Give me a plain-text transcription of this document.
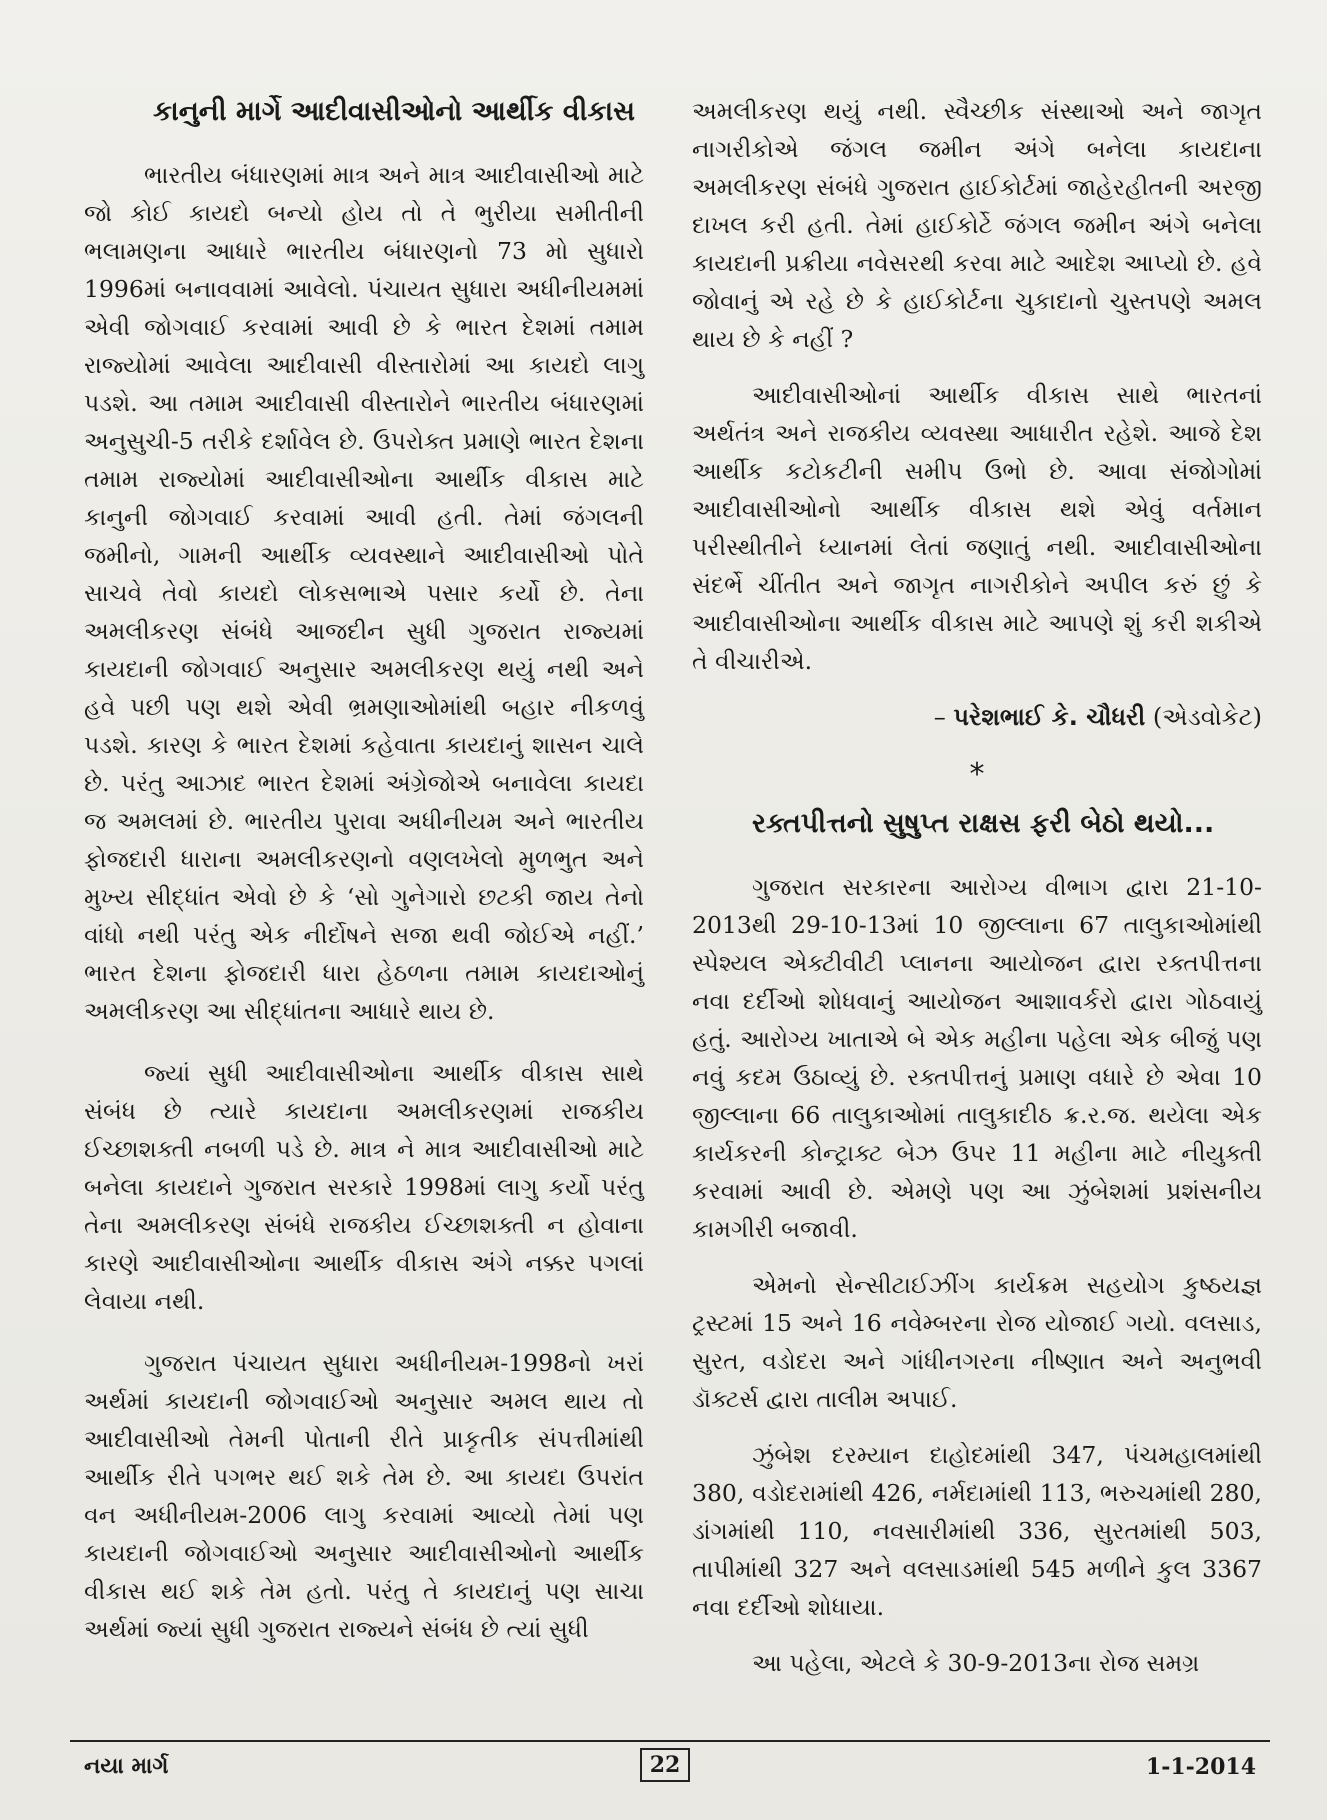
કાનુની માર્ગે આદીવાસીઓનો આર્થીક વીકાસ

ભારતીય બંધારણમાં માત્ર અને માત્ર આદીવાસીઓ માટે જો કોઈ કાયદો બન્યો હોય તો તે ભુરીયા સમીતીની ભલામણના આધારે ભારતીય બંધારણનો 73 મો સુધારો 1996માં બનાવવામાં આવેલો. પંચાયત સુધારા અધીનીયમમાં એવી જોગવાઈ કરવામાં આવી છે કે ભારત દેશમાં તમામ રાજ્યોમાં આવેલા આદીવાસી વીસ્તારોમાં આ કાયદો લાગુ પડશે. આ તમામ આદીવાસી વીસ્તારોને ભારતીય બંધારણમાં અનુસુચી-5 તરીકે દર્શાવેલ છે. ઉપરોક્ત પ્રમાણે ભારત દેશના તમામ રાજ્યોમાં આદીવાસીઓના આર્થીક વીકાસ માટે કાનુની જોગવાઈ કરવામાં આવી હતી. તેમાં જંગલની જમીનો, ગામની આર્થીક વ્યવસ્થાને આદીવાસીઓ પોતે સાચવે તેવો કાયદો લોકસભાએ પસાર કર્યો છે. તેના અમલીકરણ સંબંધે આજદીન સુધી ગુજરાત રાજ્યમાં કાયદાની જોગવાઈ અનુસાર અમલીકરણ થયું નથી અને હવે પછી પણ થશે એવી ભ્રમણાઓમાંથી બહાર નીકળવું પડશે. કારણ કે ભારત દેશમાં કહેવાતા કાયદાનું શાસન ચાલે છે. પરંતુ આઝાદ ભારત દેશમાં અંગ્રેજોએ બનાવેલા કાયદા જ અમલમાં છે. ભારતીય પુરાવા અધીનીયમ અને ભારતીય ફોજદારી ધારાના અમલીકરણનો વણલખેલો મુળભુત અને મુખ્ય સીદ્ધાંત એવો છે કે ‘સો ગુનેગારો છટકી જાય તેનો વાંધો નથી પરંતુ એક નીર્દોષને સજા થવી જોઈએ નહીં.’ ભારત દેશના ફોજદારી ધારા હેઠળના તમામ કાયદાઓનું અમલીકરણ આ સીદ્ધાંતના આધારે થાય છે.

જ્યાં સુધી આદીવાસીઓના આર્થીક વીકાસ સાથે સંબંધ છે ત્યારે કાયદાના અમલીકરણમાં રાજકીય ઈચ્છાશક્તી નબળી પડે છે. માત્ર ને માત્ર આદીવાસીઓ માટે બનેલા કાયદાને ગુજરાત સરકારે 1998માં લાગુ કર્યો પરંતુ તેના અમલીકરણ સંબંધે રાજકીય ઈચ્છાશક્તી ન હોવાના કારણે આદીવાસીઓના આર્થીક વીકાસ અંગે નક્કર પગલાં લેવાયા નથી.

ગુજરાત પંચાયત સુધારા અધીનીયમ-1998નો ખરાં અર્થમાં કાયદાની જોગવાઈઓ અનુસાર અમલ થાય તો આદીવાસીઓ તેમની પોતાની રીતે પ્રાકૃતીક સંપત્તીમાંથી આર્થીક રીતે પગભર થઈ શકે તેમ છે. આ કાયદા ઉપરાંત વન અધીનીયમ-2006 લાગુ કરવામાં આવ્યો તેમાં પણ કાયદાની જોગવાઈઓ અનુસાર આદીવાસીઓનો આર્થીક વીકાસ થઈ શકે તેમ હતો. પરંતુ તે કાયદાનું પણ સાચા અર્થમાં જ્યાં સુધી ગુજરાત રાજ્યને સંબંધ છે ત્યાં સુધી

અમલીકરણ થયું નથી. સ્વૈચ્છીક સંસ્થાઓ અને જાગૃત નાગરીકોએ જંગલ જમીન અંગે બનેલા કાયદાના અમલીકરણ સંબંધે ગુજરાત હાઈકોર્ટમાં જાહેરહીતની અરજી દાખલ કરી હતી. તેમાં હાઈકોર્ટે જંગલ જમીન અંગે બનેલા કાયદાની પ્રક્રીયા નવેસરથી કરવા માટે આદેશ આપ્યો છે. હવે જોવાનું એ રહે છે કે હાઈકોર્ટના ચુકાદાનો ચુસ્તપણે અમલ થાય છે કે નહીં ?

આદીવાસીઓનાં આર્થીક વીકાસ સાથે ભારતનાં અર્થતંત્ર અને રાજકીય વ્યવસ્થા આધારીત રહેશે. આજે દેશ આર્થીક કટોકટીની સમીપ ઉભો છે. આવા સંજોગોમાં આદીવાસીઓનો આર્થીક વીકાસ થશે એવું વર્તમાન પરીસ્થીતીને ધ્યાનમાં લેતાં જણાતું નથી. આદીવાસીઓના સંદર્ભે ચીંતીત અને જાગૃત નાગરીકોને અપીલ કરું છું કે આદીવાસીઓના આર્થીક વીકાસ માટે આપણે શું કરી શકીએ તે વીચારીએ.

– પરેશભાઈ કે. ચૌધરી (એડવોકેટ)

*

રક્તપીત્તનો સુષુપ્ત રાક્ષસ ફરી બેઠો થયો...

ગુજરાત સરકારના આરોગ્ય વીભાગ દ્વારા 21-10-2013થી 29-10-13માં 10 જીલ્લાના 67 તાલુકાઓમાંથી સ્પેશ્યલ એક્ટીવીટી પ્લાનના આયોજન દ્વારા રક્તપીત્તના નવા દર્દીઓ શોધવાનું આયોજન આશાવર્કરો દ્વારા ગોઠવાયું હતું. આરોગ્ય ખાતાએ બે એક મહીના પહેલા એક બીજું પણ નવું કદમ ઉઠાવ્યું છે. રક્તપીત્તનું પ્રમાણ વધારે છે એવા 10 જીલ્લાના 66 તાલુકાઓમાં તાલુકાદીઠ ક્ર.ર.જ. થયેલા એક કાર્યકરની કોન્ટ્રાક્ટ બેઝ ઉપર 11 મહીના માટે નીયુક્તી કરવામાં આવી છે. એમણે પણ આ ઝુંબેશમાં પ્રશંસનીય કામગીરી બજાવી.

એમનો સેન્સીટાઈઝીંગ કાર્યક્રમ સહયોગ કુષ્ઠયજ્ઞ ટ્રસ્ટમાં 15 અને 16 નવેમ્બરના રોજ યોજાઈ ગયો. વલસાડ, સુરત, વડોદરા અને ગાંધીનગરના નીષ્ણાત અને અનુભવી ડૉક્ટર્સ દ્વારા તાલીમ અપાઈ.

ઝુંબેશ દરમ્યાન દાહોદમાંથી 347, પંચમહાલમાંથી 380, વડોદરામાંથી 426, નર્મદામાંથી 113, ભરુચમાંથી 280, ડાંગમાંથી 110, નવસારીમાંથી 336, સુરતમાંથી 503, તાપીમાંથી 327 અને વલસાડમાંથી 545 મળીને કુલ 3367 નવા દર્દીઓ શોધાયા.

આ પહેલા, એટલે કે 30-9-2013ના રોજ સમગ્ર

નયા માર્ગ	22	1-1-2014
